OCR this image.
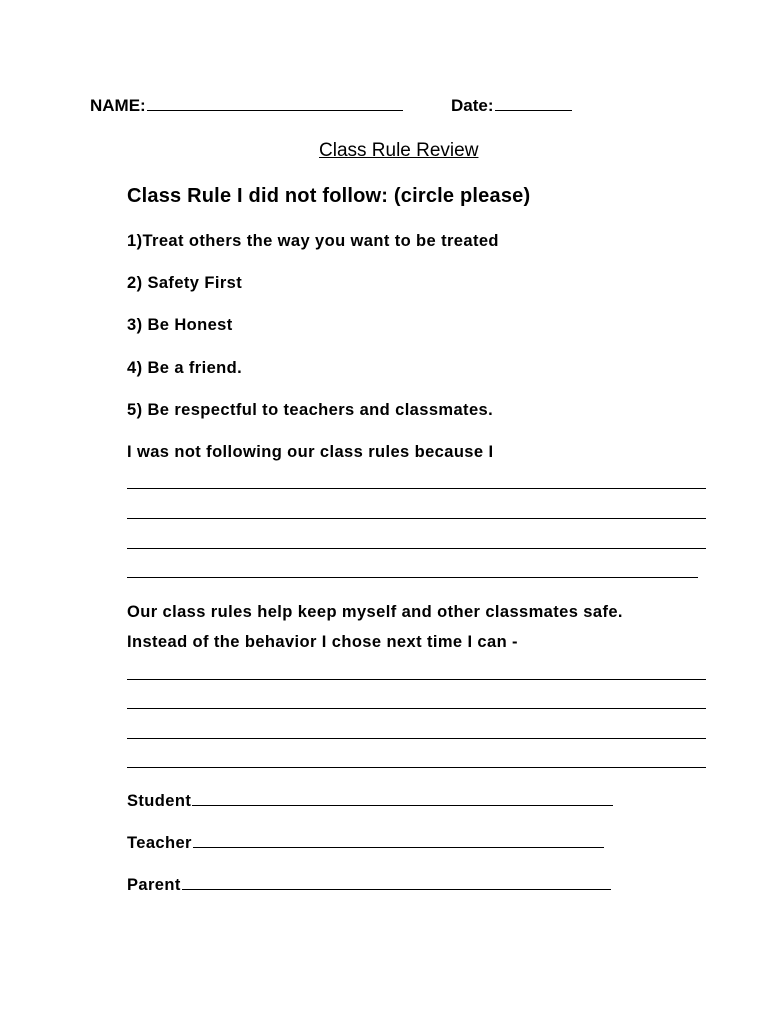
NAME:	Date:
Class Rule Review
Class Rule I did not follow: (circle please)
1)Treat others the way you want to be treated
2) Safety First
3) Be Honest
4) Be a friend.
5) Be respectful to teachers and classmates.
I was not following our class rules because I
Our class rules help keep myself and other classmates safe.
Instead of the behavior I chose next time I can -
Student
Teacher
Parent
